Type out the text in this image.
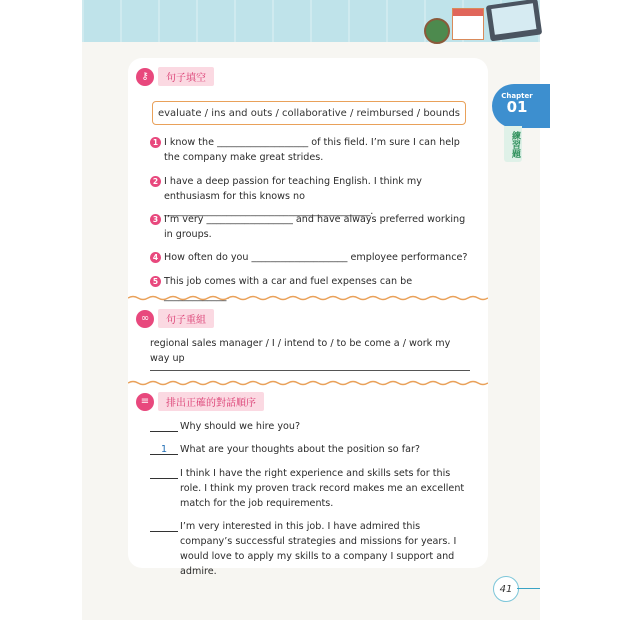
Chapter
01
練習題
⚷	句子填空
evaluate / ins and outs / collaborative / reimbursed / bounds
1 I know the ___________________ of this field. I’m sure I can help the company make great strides.
2 I have a deep passion for teaching English. I think my enthusiasm for this knows no ___________________________________________.
3 I’m very __________________ and have always preferred working in groups.
4 How often do you ____________________ employee performance?
5 This job comes with a car and fuel expenses can be _____________.
∞	句子重組
regional sales manager / I / intend to / to be come a / work my way up
≡	排出正確的對話順序
Why should we hire you?
1	What are your thoughts about the position so far?
I think I have the right experience and skills sets for this role. I think my proven track record makes me an excellent match for the job requirements.
I’m very interested in this job. I have admired this company’s successful strategies and missions for years. I would love to apply my skills to a company I support and admire.
41
